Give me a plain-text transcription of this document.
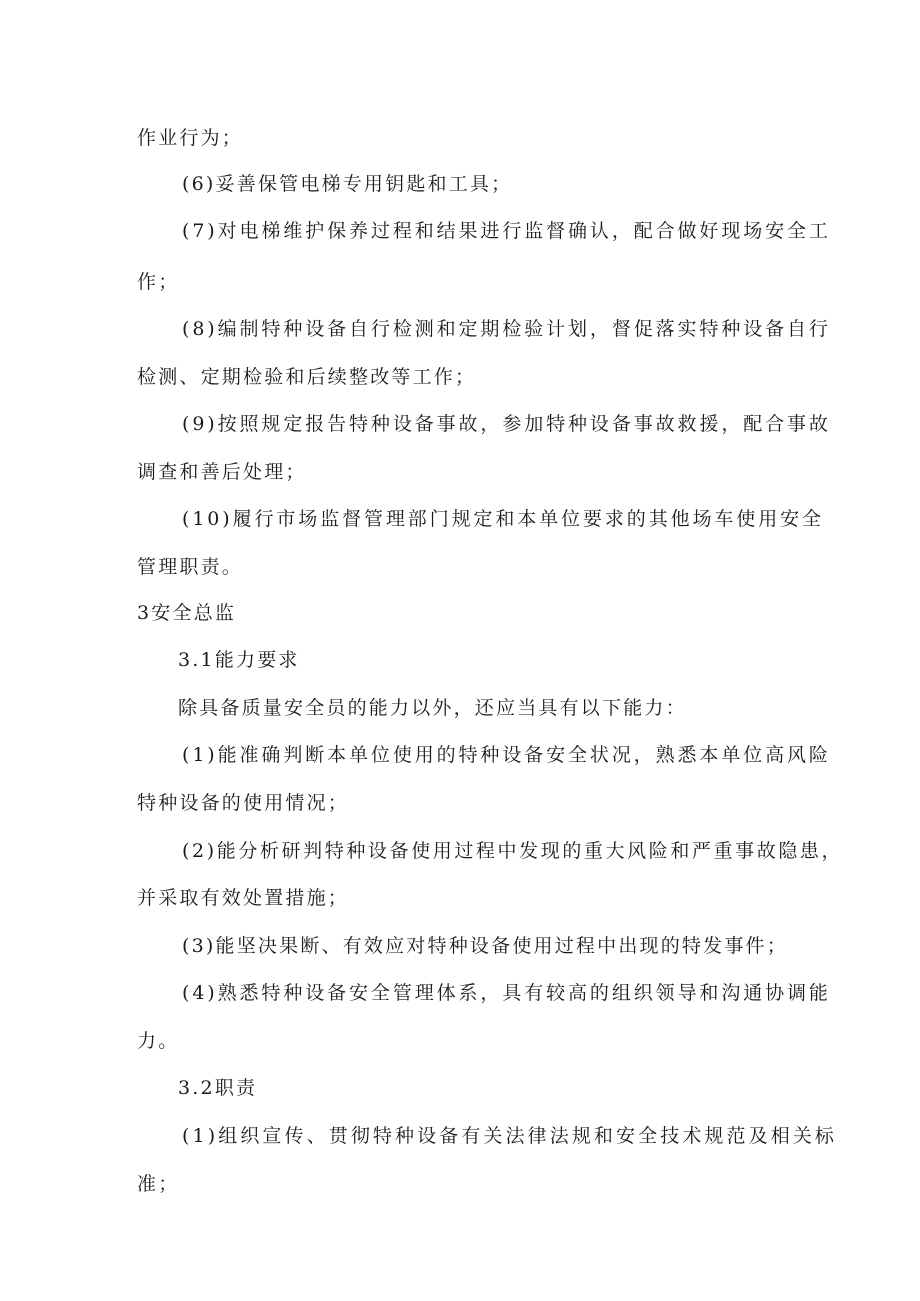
作业行为；
(6)妥善保管电梯专用钥匙和工具；
(7)对电梯维护保养过程和结果进行监督确认，配合做好现场安全工
作；
(8)编制特种设备自行检测和定期检验计划，督促落实特种设备自行
检测、定期检验和后续整改等工作；
(9)按照规定报告特种设备事故，参加特种设备事故救援，配合事故
调查和善后处理；
(10)履行市场监督管理部门规定和本单位要求的其他场车使用安全
管理职责。
3安全总监
3.1能力要求
除具备质量安全员的能力以外，还应当具有以下能力：
(1)能准确判断本单位使用的特种设备安全状况，熟悉本单位高风险
特种设备的使用情况；
(2)能分析研判特种设备使用过程中发现的重大风险和严重事故隐患，
并采取有效处置措施；
(3)能坚决果断、有效应对特种设备使用过程中出现的特发事件；
(4)熟悉特种设备安全管理体系，具有较高的组织领导和沟通协调能
力。
3.2职责
(1)组织宣传、贯彻特种设备有关法律法规和安全技术规范及相关标
准；
